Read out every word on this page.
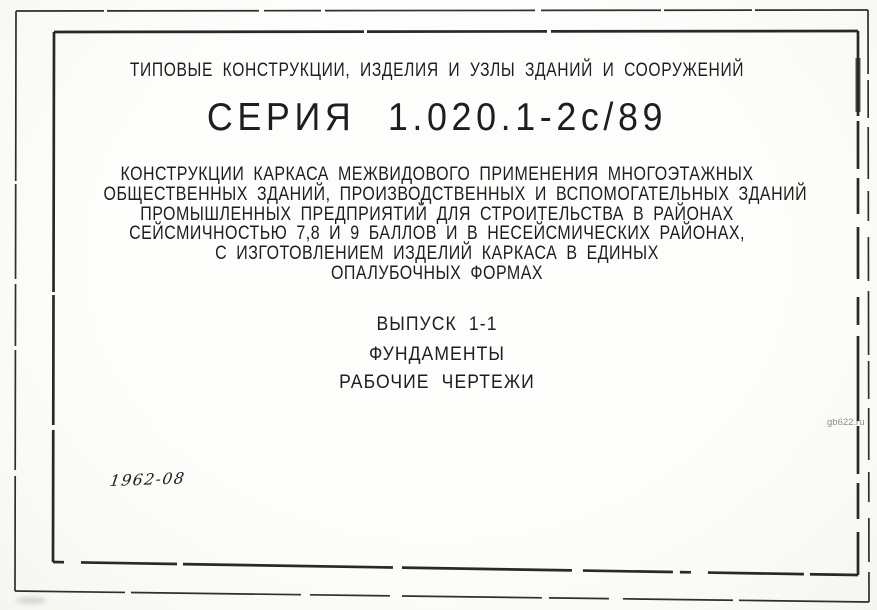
gb622.ru
ТИПОВЫЕ КОНСТРУКЦИИ, ИЗДЕЛИЯ И УЗЛЫ ЗДАНИЙ И СООРУЖЕНИЙ
СЕРИЯ 1.020.1-2с/89
КОНСТРУКЦИИ КАРКАСА МЕЖВИДОВОГО ПРИМЕНЕНИЯ МНОГОЭТАЖНЫХ
ОБЩЕСТВЕННЫХ ЗДАНИЙ, ПРОИЗВОДСТВЕННЫХ И ВСПОМОГАТЕЛЬНЫХ ЗДАНИЙ
ПРОМЫШЛЕННЫХ ПРЕДПРИЯТИЙ ДЛЯ СТРОИТЕЛЬСТВА В РАЙОНАХ
СЕЙСМИЧНОСТЬЮ 7,8 И 9 БАЛЛОВ И В НЕСЕЙСМИЧЕСКИХ РАЙОНАХ,
С ИЗГОТОВЛЕНИЕМ ИЗДЕЛИЙ КАРКАСА В ЕДИНЫХ
ОПАЛУБОЧНЫХ ФОРМАХ
ВЫПУСК 1-1
ФУНДАМЕНТЫ
РАБОЧИЕ ЧЕРТЕЖИ
1962-08
